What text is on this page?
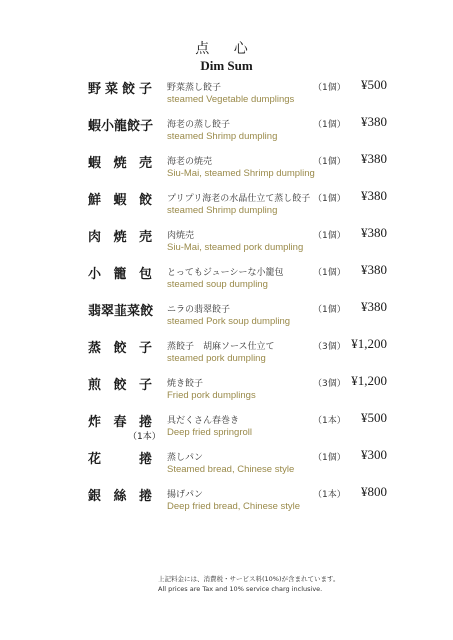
点 心
Dim Sum
野 菜 餃 子 野菜蒸し餃子
steamed Vegetable dumplings
（1個） ¥500
蝦 小 龍 餃 子 海老の蒸し餃子
steamed Shrimp dumpling
（1個） ¥380
蝦 焼 売 海老の焼売
Siu-Mai, steamed Shrimp dumpling
（1個） ¥380
鮮 蝦 餃 プリプリ海老の水晶仕立て蒸し餃子
steamed Shrimp dumpling
（1個） ¥380
肉 焼 売 肉焼売
Siu-Mai, steamed pork dumpling
（1個） ¥380
小 籠 包 とってもジューシーな小籠包
steamed soup dumpling
（1個） ¥380
翡 翠 韮 菜 餃 ニラの翡翠餃子
steamed Pork soup dumpling
（1個） ¥380
蒸 餃 子 蒸餃子　胡麻ソース仕立て
steamed pork dumpling
（3個） ¥1,200
煎 餃 子 焼き餃子
Fried pork dumplings
（3個） ¥1,200
炸 春 捲
（1本）
具だくさん春巻き
Deep fried springroll
（1本） ¥500
花	捲 蒸しパン
Steamed bread, Chinese style
（1個） ¥300
銀 絲 捲 揚げパン
Deep fried bread, Chinese style
（1本） ¥800
上記料金には、消費税・サービス料(10%)が含まれています。
All prices are Tax and 10% service charg inclusive.
